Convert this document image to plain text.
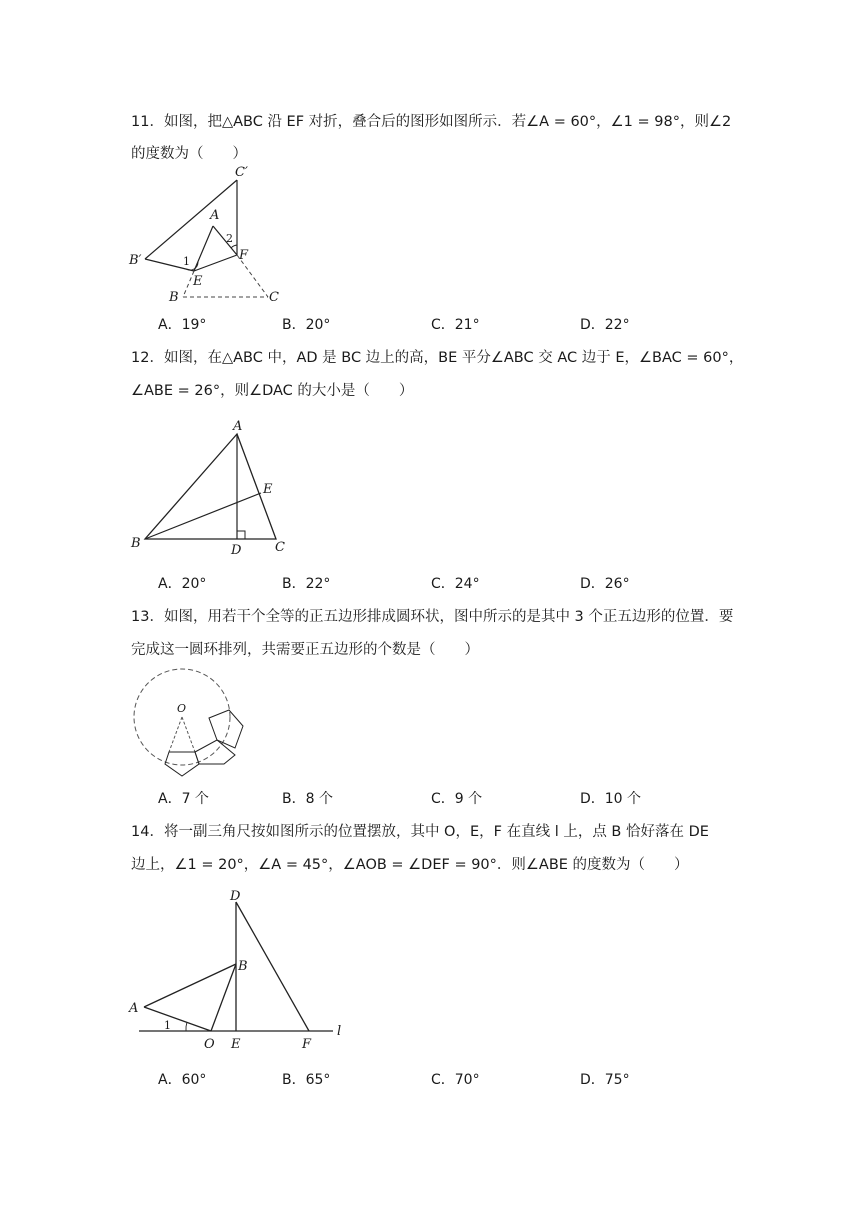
11．如图，把△ABC 沿 EF 对折，叠合后的图形如图所示．若∠A = 60°，∠1 = 98°，则∠2
的度数为（　　）
C′
A
B′
E
F
B	C
1
2
A．19°	B．20°	C．21°	D．22°
12．如图，在△ABC 中，AD 是 BC 边上的高，BE 平分∠ABC 交 AC 边于 E，∠BAC = 60°，
∠ABE = 26°，则∠DAC 的大小是（　　）
A
E
B	D	C
A．20°	B．22°	C．24°	D．26°
13．如图，用若干个全等的正五边形排成圆环状，图中所示的是其中 3 个正五边形的位置．要
完成这一圆环排列，共需要正五边形的个数是（　　）
O
A．7 个	B．8 个	C．9 个	D．10 个
14．将一副三角尺按如图所示的位置摆放，其中 O，E，F 在直线 l 上，点 B 恰好落在 DE
边上，∠1 = 20°，∠A = 45°，∠AOB = ∠DEF = 90°．则∠ABE 的度数为（　　）
D
B
A
1
O E	F
l
A．60°	B．65°	C．70°	D．75°
